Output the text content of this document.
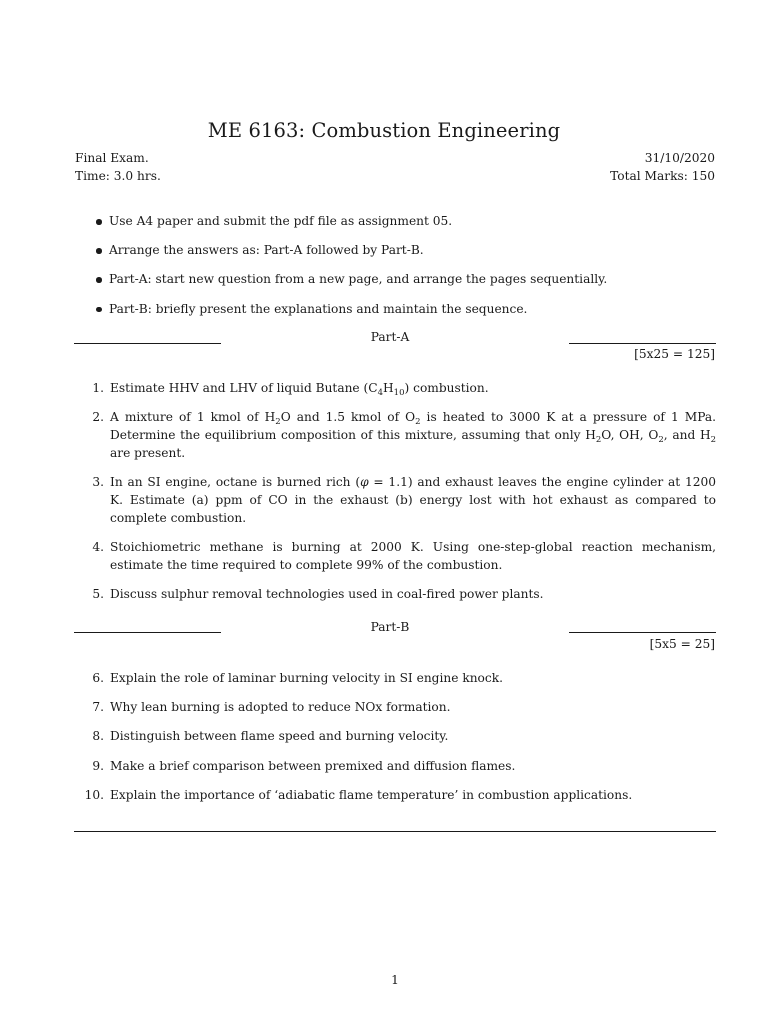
ME 6163: Combustion Engineering
Final Exam.
Time: 3.0 hrs.
31/10/2020
Total Marks: 150
Use A4 paper and submit the pdf file as assignment 05.
Arrange the answers as: Part-A followed by Part-B.
Part-A: start new question from a new page, and arrange the pages sequentially.
Part-B: briefly present the explanations and maintain the sequence.
Part-A
[5x25 = 125]
1. Estimate HHV and LHV of liquid Butane $(C_4H_{10})$ combustion.
2. A mixture of 1 kmol of $H_2O$ and 1.5 kmol of $O_2$ is heated to 3000 K at a pressure of 1 MPa. Determine the equilibrium composition of this mixture, assuming that only $H_2O$, OH, $O_2$, and $H_2$ are present.
3. In an SI engine, octane is burned rich (φ = 1.1) and exhaust leaves the engine cylinder at 1200 K. Estimate (a) ppm of CO in the exhaust (b) energy lost with hot exhaust as compared to complete combustion.
4. Stoichiometric methane is burning at 2000 K. Using one-step-global reaction mechanism, estimate the time required to complete 99% of the combustion.
5. Discuss sulphur removal technologies used in coal-fired power plants.
Part-B
[5x5 = 25]
6. Explain the role of laminar burning velocity in SI engine knock.
7. Why lean burning is adopted to reduce NOx formation.
8. Distinguish between flame speed and burning velocity.
9. Make a brief comparison between premixed and diffusion flames.
10. Explain the importance of ‘adiabatic flame temperature’ in combustion applications.
1
